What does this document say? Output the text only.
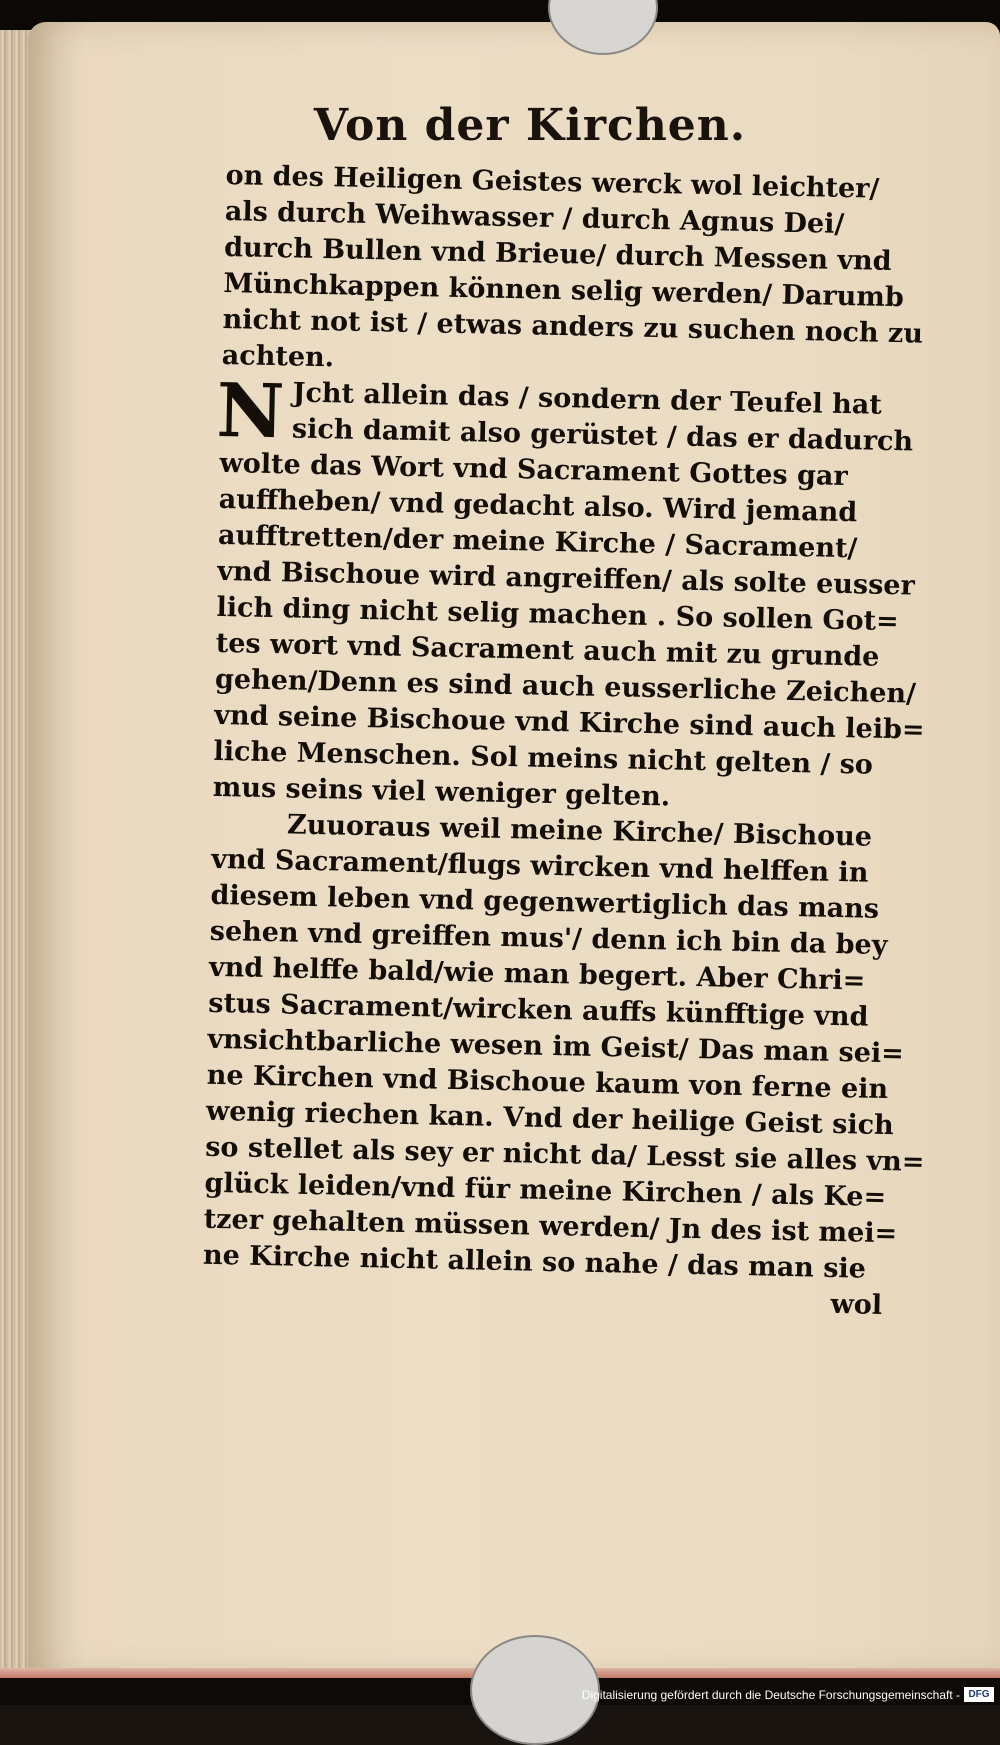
Von der Kirchen.
on des Heiligen Geistes werck wol leichter/
als durch Weihwasser / durch Agnus Dei/
durch Bullen vnd Brieue/ durch Messen vnd
Münchkappen können selig werden/ Darumb
nicht not ist / etwas anders zu suchen noch zu
achten.
N Jcht allein das / sondern der Teufel hat
sich damit also gerüstet / das er dadurch
wolte das Wort vnd Sacrament Gottes gar
auffheben/ vnd gedacht also. Wird jemand
aufftretten/der meine Kirche / Sacrament/
vnd Bischoue wird angreiffen/ als solte eusser
lich ding nicht selig machen . So sollen Got=
tes wort vnd Sacrament auch mit zu grunde
gehen/Denn es sind auch eusserliche Zeichen/
vnd seine Bischoue vnd Kirche sind auch leib=
liche Menschen. Sol meins nicht gelten / so
mus seins viel weniger gelten.
Zuuoraus weil meine Kirche/ Bischoue
vnd Sacrament/flugs wircken vnd helffen in
diesem leben vnd gegenwertiglich das mans
sehen vnd greiffen mus'/ denn ich bin da bey
vnd helffe bald/wie man begert. Aber Chri=
stus Sacrament/wircken auffs künfftige vnd
vnsichtbarliche wesen im Geist/ Das man sei=
ne Kirchen vnd Bischoue kaum von ferne ein
wenig riechen kan. Vnd der heilige Geist sich
so stellet als sey er nicht da/ Lesst sie alles vn=
glück leiden/vnd für meine Kirchen / als Ke=
tzer gehalten müssen werden/ Jn des ist mei=
ne Kirche nicht allein so nahe / das man sie
wol
Digitalisierung gefördert durch die Deutsche Forschungsgemeinschaft - DFG
